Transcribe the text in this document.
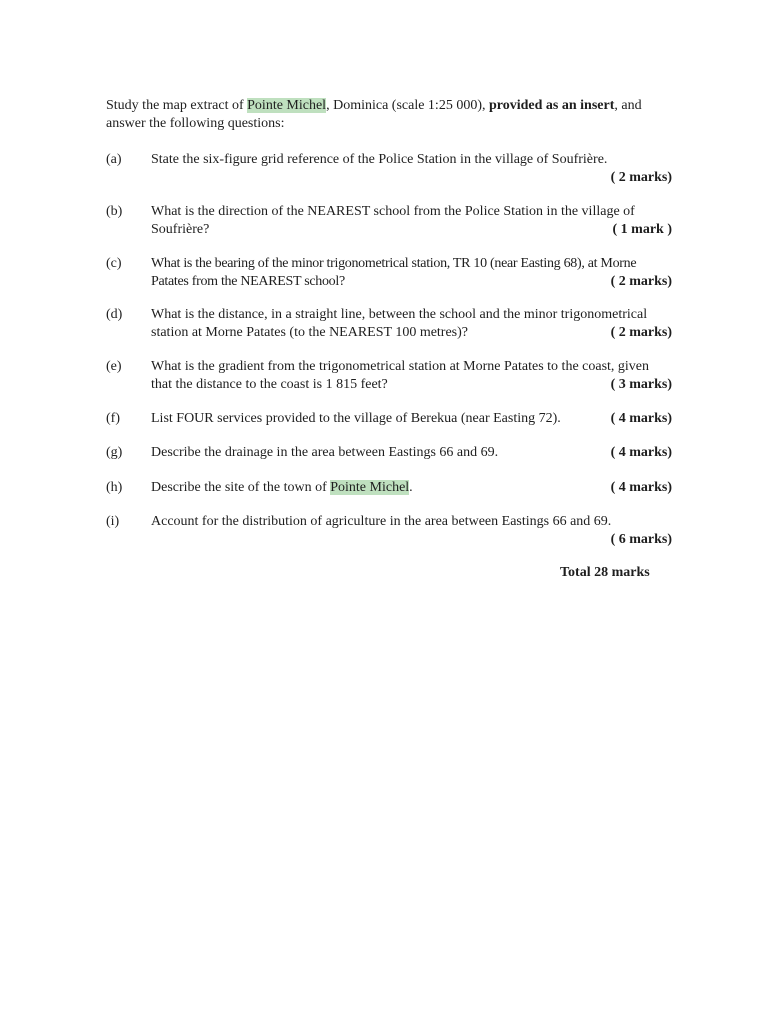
Study the map extract of Pointe Michel, Dominica (scale 1:25 000), provided as an insert, and answer the following questions:
(a) State the six-figure grid reference of the Police Station in the village of Soufrière.
( 2 marks)
(b) What is the direction of the NEAREST school from the Police Station in the village of Soufrière?	( 1 mark )
(c) What is the bearing of the minor trigonometrical station, TR 10 (near Easting 68), at Morne Patates from the NEAREST school?	( 2 marks)
(d) What is the distance, in a straight line, between the school and the minor trigonometrical station at Morne Patates (to the NEAREST 100 metres)?	( 2 marks)
(e) What is the gradient from the trigonometrical station at Morne Patates to the coast, given that the distance to the coast is 1 815 feet?	( 3 marks)
(f) List FOUR services provided to the village of Berekua (near Easting 72).	( 4 marks)
(g) Describe the drainage in the area between Eastings 66 and 69.	( 4 marks)
(h) Describe the site of the town of Pointe Michel.	( 4 marks)
(i) Account for the distribution of agriculture in the area between Eastings 66 and 69.
( 6 marks)
Total 28 marks
